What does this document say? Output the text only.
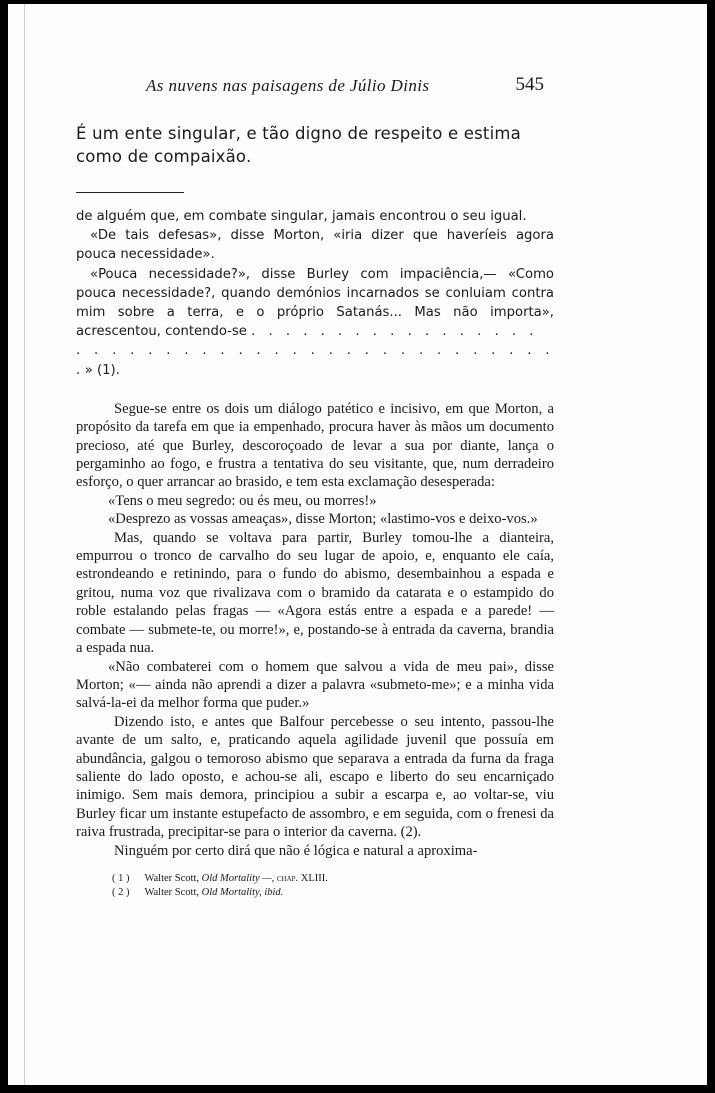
As nuvens nas paisagens de Júlio Dinis	545
É um ente singular, e tão digno de respeito e estima como de compaixão.

de alguém que, em combate singular, jamais encontrou o seu igual.

«De tais defesas», disse Morton, «iria dizer que haveríeis agora pouca necessidade».

«Pouca necessidade?», disse Burley com impaciência,— «Como pouca necessidade?, quando demónios incarnados se conluiam contra mim sobre a terra, e o próprio Satanás... Mas não importa», acrescentou, contendo-se . . . . . . . . . . . . . . . . .

. . . . . . . . . . . . . . . . . . . . . . . . . . . .» (1).

Segue-se entre os dois um diálogo patético e incisivo, em que Morton, a propósito da tarefa em que ia empenhado, procura haver às mãos um documento precioso, até que Burley, descoroçoado de levar a sua por diante, lança o pergaminho ao fogo, e frustra a tentativa do seu visitante, que, num derradeiro esforço, o quer arrancar ao brasido, e tem esta exclamação desesperada:

«Tens o meu segredo: ou és meu, ou morres!»

«Desprezo as vossas ameaças», disse Morton; «lastimo-vos e deixo-vos.»

Mas, quando se voltava para partir, Burley tomou-lhe a dianteira, empurrou o tronco de carvalho do seu lugar de apoio, e, enquanto ele caía, estrondeando e retinindo, para o fundo do abismo, desembainhou a espada e gritou, numa voz que rivalizava com o bramido da catarata e o estampido do roble estalando pelas fragas — «Agora estás entre a espada e a parede! — combate — submete-te, ou morre!», e, postando-se à entrada da caverna, brandia a espada nua.

«Não combaterei com o homem que salvou a vida de meu pai», disse Morton; «— ainda não aprendi a dizer a palavra «submeto-me»; e a minha vida salvá-la-ei da melhor forma que puder.»

Dizendo isto, e antes que Balfour percebesse o seu intento, passou-lhe avante de um salto, e, praticando aquela agilidade juvenil que possuía em abundância, galgou o temoroso abismo que separava a entrada da furna da fraga saliente do lado oposto, e achou-se ali, escapo e liberto do seu encarniçado inimigo. Sem mais demora, principiou a subir a escarpa e, ao voltar-se, viu Burley ficar um instante estupefacto de assombro, e em seguida, com o frenesi da raiva frustrada, precipitar-se para o interior da caverna. (2).

Ninguém por certo dirá que não é lógica e natural a aproxima-

( 1 ) Walter Scott, Old Mortality —, chap. XLIII.
( 2 ) Walter Scott, Old Mortality, ibid.
